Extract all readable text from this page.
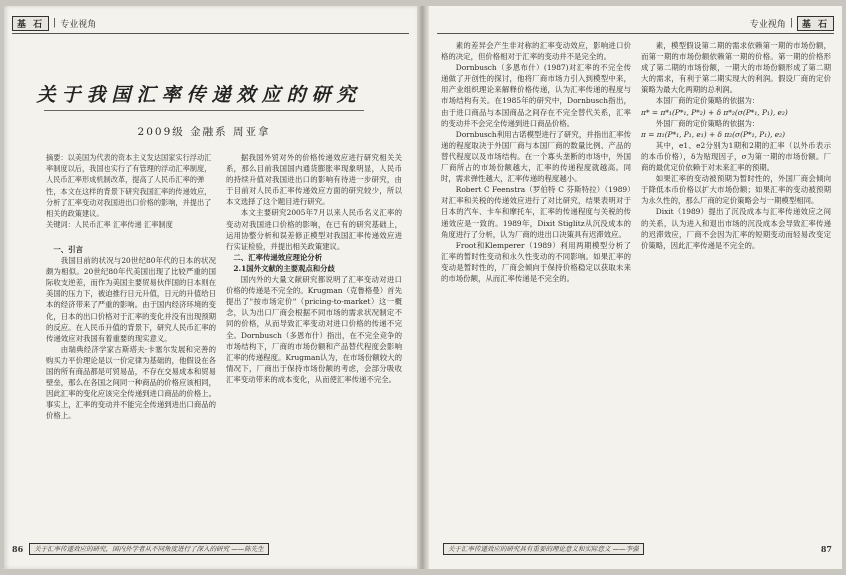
基 石	| 专业视角
关于我国汇率传递效应的研究
2009级 金融系 周亚拿
摘要：以美国为代表的资本主义发达国家实行浮动汇率制度以后，我国也实行了有管理的浮动汇率制度，人民币汇率形成机制改革，提高了人民币汇率的弹性，本文在这样的背景下研究我国汇率的传递效应，分析了汇率变动对我国进出口价格的影响，并提出了相关的政策建议。
关键词：人民币汇率 汇率传递 汇率制度

一、引言

我国目前的状况与20世纪80年代的日本的状况颇为相似。20世纪80年代美国出现了比较严重的国际收支逆差，而作为美国主要贸易伙伴国的日本则在美国的压力下，被迫推行日元升值，日元的升值给日本的经济带来了严重的影响。由于国内经济环境的变化，日本的出口价格对于汇率的变化并没有出现预期的反应。在人民币升值的背景下，研究人民币汇率的传递效应对我国有着重要的现实意义。

由瑞典经济学家古斯塔夫·卡塞尔发展和完善的购买力平价理论是以一价定律为基础的，他假设在各国的所有商品都是可贸易品，不存在交易成本和贸易壁垒，那么在各国之间同一种商品的价格应该相同，因此汇率的变化应该完全传递到进口商品的价格上。事实上，汇率的变动并不能完全传递到进出口商品的价格上。

据我国外贸对外的价格传递效应进行研究相关关系，那么目前我国国内通货膨胀率现象明显，人民币的持续升值对我国进出口的影响有待进一步研究，由于目前对人民币汇率传递效应方面的研究较少，所以本文选择了这个题目进行研究。

本文主要研究2005年7月以来人民币名义汇率的变动对我国进口价格的影响，在已有的研究基础上，运用协整分析和误差修正模型对我国汇率传递效应进行实证检验，并提出相关政策建议。

二、汇率传递效应理论分析

2.1国外文献的主要观点和分歧

国内外的大量文献研究都说明了汇率变动对进口价格的传递是不完全的。Krugman（克鲁格曼）首先提出了"按市场定价"（pricing-to-market）这一概念，认为出口厂商会根据不同市场的需求状况制定不同的价格，从而导致汇率变动对进口价格的传递不完全。Dornbusch（多恩布什）指出，在不完全竞争的市场结构下，厂商的市场份额和产品替代程度会影响汇率的传递程度。Krugman认为，在市场份额较大的情况下，厂商出于保持市场份额的考虑，会部分吸收汇率变动带来的成本变化，从而使汇率传递不完全。

86	关于汇率传递效应的研究，国内外学者从不同角度进行了深入的研究 ——陈先生
专业视角 |	基 石

素的差异会产生非对称的汇率变动效应，影响进口价格的决定，但价格相对于汇率的变动并不是完全的。

Dornbusch（多恩布什）(1987)对汇率的不完全传递做了开创性的探讨，他将厂商市场力引入到模型中来，用产业组织理论来解释价格传递，认为汇率传递的程度与市场结构有关。在1985年的研究中，Dornbusch指出，由于进口商品与本国商品之间存在不完全替代关系，汇率的变动并不会完全传递到进口商品价格。

Dornbusch利用古诺模型进行了研究，并指出汇率传递的程度取决于外国厂商与本国厂商的数量比例、产品的替代程度以及市场结构。在一个寡头垄断的市场中，外国厂商所占的市场份额越大，汇率的传递程度就越高。同时，需求弹性越大，汇率传递的程度越小。

Robert C Feenstra（罗伯特 C 芬斯特拉）（1989）对汇率和关税的传递效应进行了对比研究，结果表明对于日本的汽车、卡车和摩托车，汇率的传递程度与关税的传递效应是一致的。1989年，Dixit Stiglitz从沉没成本的角度进行了分析，认为厂商的进出口决策具有迟滞效应。

Froot和Klemperer（1989）利用两期模型分析了汇率的暂时性变动和永久性变动的不同影响。如果汇率的变动是暂时性的，厂商会倾向于保持价格稳定以获取未来的市场份额，从而汇率传递是不完全的。

素，模型假设第二期的需求依赖第一期的市场份额，而第一期的市场份额依赖第一期的价格。第一期的价格形成了第二期的市场份额，一期大的市场份额形成了第二期大的需求，有利于第二期实现大的利润。假设厂商的定价策略为最大化两期的总利润。

本国厂商的定价策略的依据为：

π* = π*₁(P*₁, P*₂) + δ π*₂(σ(P*₁, P₁), e₂)

外国厂商的定价策略的依据为：

π = π₁(P*₁, P₁, e₁) + δ π₂(σ(P*₁, P₁), e₂)

其中，e1、e2分别为1期和2期的汇率（以外币表示的本币价格），δ为贴现因子，σ为第一期的市场份额。厂商的最优定价依赖于对未来汇率的预期。

如果汇率的变动被预期为暂时性的，外国厂商会倾向于降低本币价格以扩大市场份额；如果汇率的变动被预期为永久性的，那么厂商的定价策略会与一期模型相同。

Dixit（1989）提出了沉没成本与汇率传递效应之间的关系，认为进入和退出市场的沉没成本会导致汇率传递的迟滞效应，厂商不会因为汇率的短期变动而轻易改变定价策略，因此汇率传递是不完全的。

关于汇率传递效应的研究具有重要的理论意义和实际意义 ——李强	87
